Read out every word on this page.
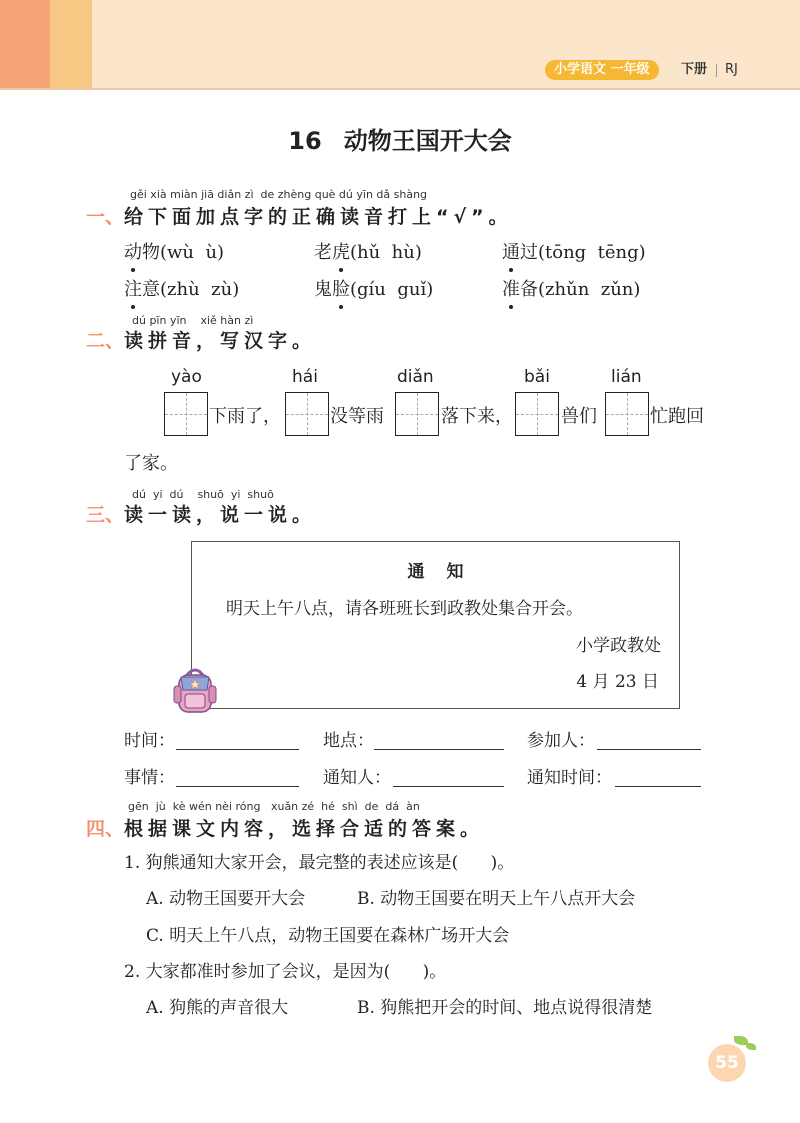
小学语文 一年级	下册 RJ
16 动物王国开大会
gěi xià miàn jiā diǎn zì  de zhèng què dú yīn dǎ shàng
一、给下面加点字的正确读音打上“√”。
动物(wù  ù)	老虎(hǔ  hù)	通过(tōng  tēng)
注意(zhù  zù)	鬼脸(gíu  guǐ)	准备(zhǔn  zǔn)
dú pīn yīn    xiě hàn zì
二、读拼音，写汉字。
yào	hái	diǎn	bǎi	lián
下雨了，	没等雨	落下来，	兽们	忙跑回
了家。
dú  yi  dú    shuō  yi  shuō
三、读一读，说一说。
通知
明天上午八点，请各班班长到政教处集合开会。
小学政教处
4 月 23 日
时间：	地点：	参加人：
事情：	通知人：	通知时间：
gēn  jù  kè wén nèi róng   xuǎn zé  hé  shì  de  dá  àn
四、根据课文内容，选择合适的答案。
1. 狗熊通知大家开会，最完整的表述应该是(      )。
A. 动物王国要开大会	B. 动物王国要在明天上午八点开大会
C. 明天上午八点，动物王国要在森林广场开大会
2. 大家都准时参加了会议，是因为(      )。
A. 狗熊的声音很大	B. 狗熊把开会的时间、地点说得很清楚
55
